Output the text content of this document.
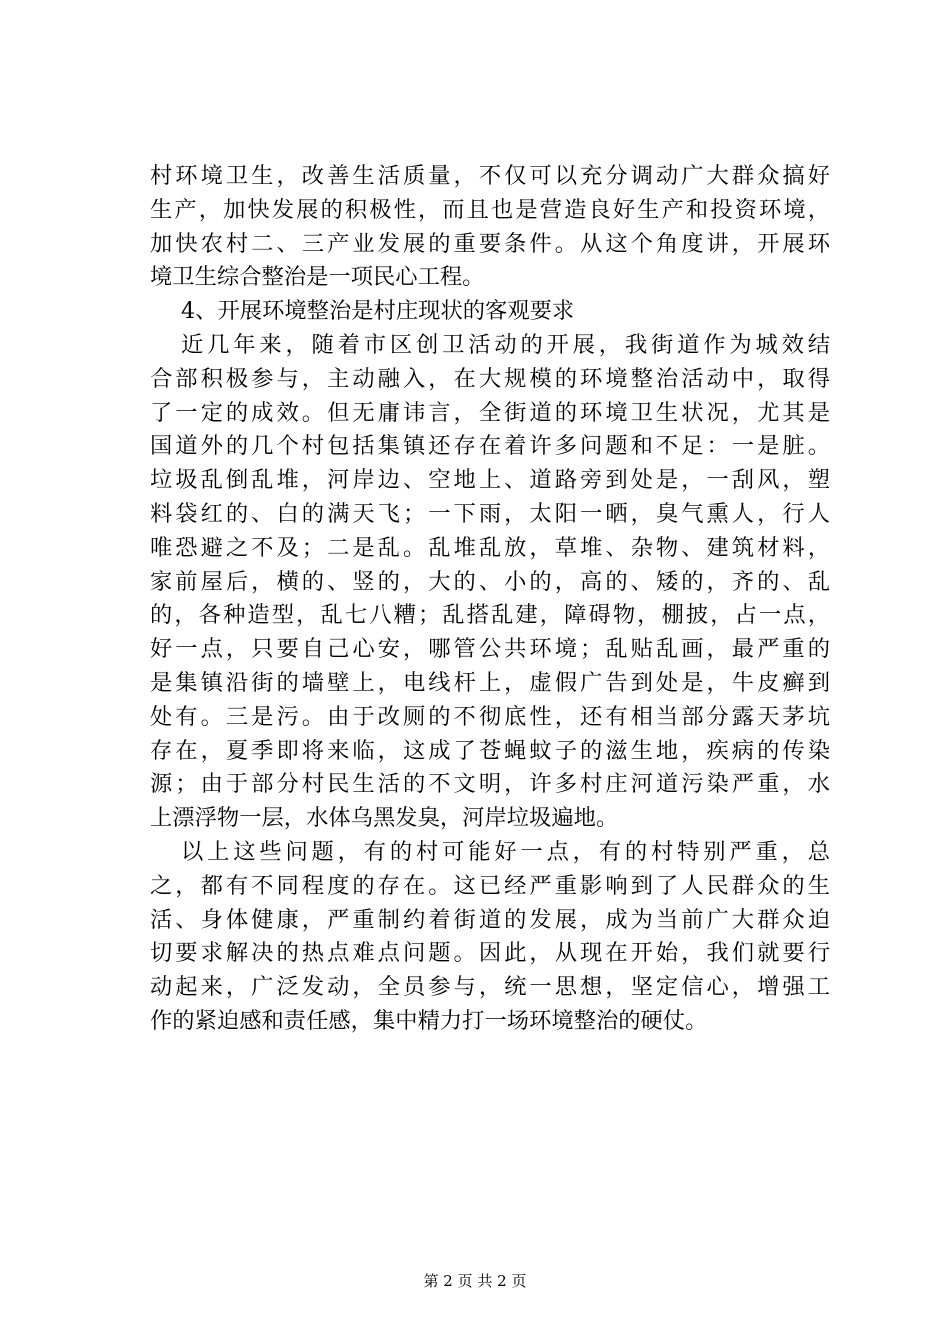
村环境卫生，改善生活质量，不仅可以充分调动广大群众搞好
生产，加快发展的积极性，而且也是营造良好生产和投资环境，
加快农村二、三产业发展的重要条件。从这个角度讲，开展环
境卫生综合整治是一项民心工程。
4、开展环境整治是村庄现状的客观要求
近几年来，随着市区创卫活动的开展，我街道作为城效结
合部积极参与，主动融入，在大规模的环境整治活动中，取得
了一定的成效。但无庸讳言，全街道的环境卫生状况，尤其是
国道外的几个村包括集镇还存在着许多问题和不足：一是脏。
垃圾乱倒乱堆，河岸边、空地上、道路旁到处是，一刮风，塑
料袋红的、白的满天飞；一下雨，太阳一晒，臭气熏人，行人
唯恐避之不及；二是乱。乱堆乱放，草堆、杂物、建筑材料，
家前屋后，横的、竖的，大的、小的，高的、矮的，齐的、乱
的，各种造型，乱七八糟；乱搭乱建，障碍物，棚披，占一点，
好一点，只要自己心安，哪管公共环境；乱贴乱画，最严重的
是集镇沿街的墙壁上，电线杆上，虚假广告到处是，牛皮癣到
处有。三是污。由于改厕的不彻底性，还有相当部分露天茅坑
存在，夏季即将来临，这成了苍蝇蚊子的滋生地，疾病的传染
源；由于部分村民生活的不文明，许多村庄河道污染严重，水
上漂浮物一层，水体乌黑发臭，河岸垃圾遍地。
以上这些问题，有的村可能好一点，有的村特别严重，总
之，都有不同程度的存在。这已经严重影响到了人民群众的生
活、身体健康，严重制约着街道的发展，成为当前广大群众迫
切要求解决的热点难点问题。因此，从现在开始，我们就要行
动起来，广泛发动，全员参与，统一思想，坚定信心，增强工
作的紧迫感和责任感，集中精力打一场环境整治的硬仗。
第 2 页 共 2 页
